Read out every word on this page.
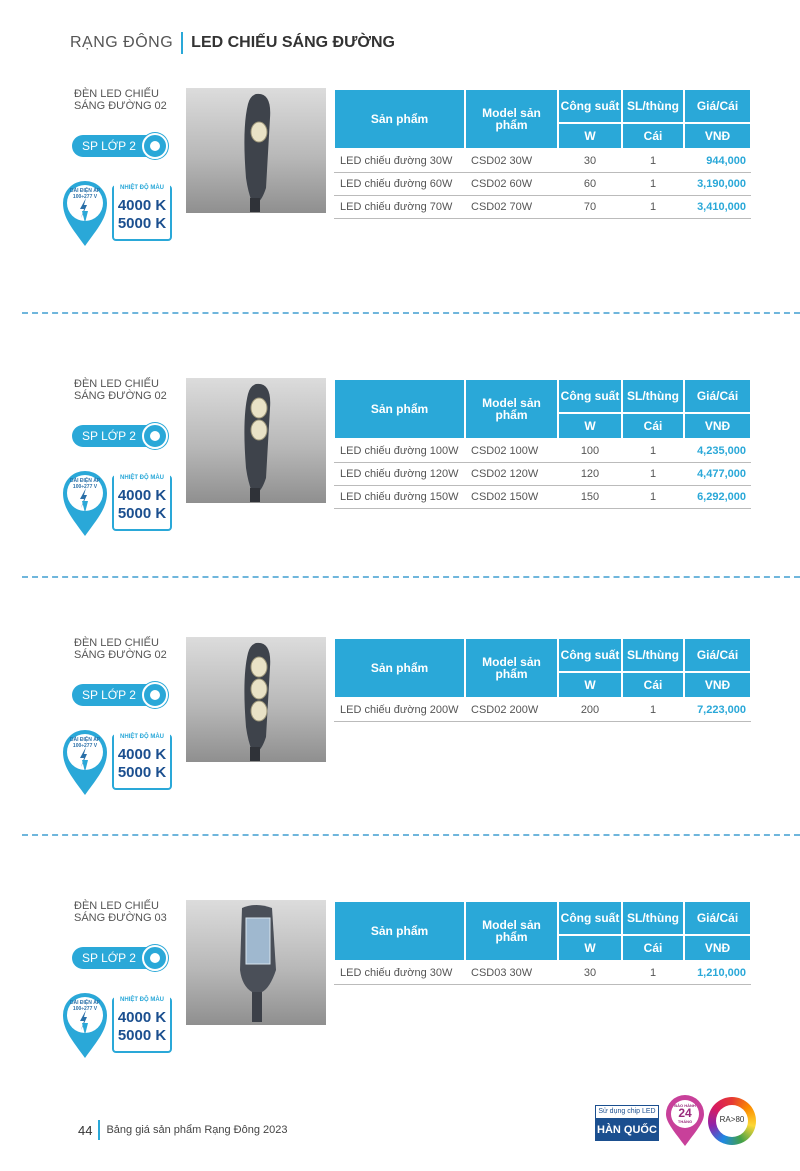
RẠNG ĐÔNG LED CHIẾU SÁNG ĐƯỜNG
ĐÈN LED CHIẾU SÁNG ĐƯỜNG 02
SP LỚP 2
DẢI ĐIỆN ÁP 100÷277 V
NHIỆT ĐỘ MÀU
4000 K
5000 K
Sản phẩm	Model sản phẩm	Công suất	SL/thùng	Giá/Cái
		W	Cái	VNĐ
LED chiếu đường 30W	CSD02 30W	30	1	944,000
LED chiếu đường 60W	CSD02 60W	60	1	3,190,000
LED chiếu đường 70W	CSD02 70W	70	1	3,410,000
ĐÈN LED CHIẾU SÁNG ĐƯỜNG 02
SP LỚP 2
DẢI ĐIỆN ÁP 100÷277 V
NHIỆT ĐỘ MÀU
4000 K
5000 K
Sản phẩm	Model sản phẩm	Công suất	SL/thùng	Giá/Cái
		W	Cái	VNĐ
LED chiếu đường 100W	CSD02 100W	100	1	4,235,000
LED chiếu đường 120W	CSD02 120W	120	1	4,477,000
LED chiếu đường 150W	CSD02 150W	150	1	6,292,000
ĐÈN LED CHIẾU SÁNG ĐƯỜNG 02
SP LỚP 2
DẢI ĐIỆN ÁP 100÷277 V
NHIỆT ĐỘ MÀU
4000 K
5000 K
Sản phẩm	Model sản phẩm	Công suất	SL/thùng	Giá/Cái
		W	Cái	VNĐ
LED chiếu đường 200W	CSD02 200W	200	1	7,223,000
ĐÈN LED CHIẾU SÁNG ĐƯỜNG 03
SP LỚP 2
DẢI ĐIỆN ÁP 100÷277 V
NHIỆT ĐỘ MÀU
4000 K
5000 K
Sản phẩm	Model sản phẩm	Công suất	SL/thùng	Giá/Cái
		W	Cái	VNĐ
LED chiếu đường 30W	CSD03 30W	30	1	1,210,000
44 Bảng giá sản phẩm Rạng Đông 2023
Sử dụng chip LED
HÀN QUỐC
BẢO HÀNH
24
THÁNG	RA>80
